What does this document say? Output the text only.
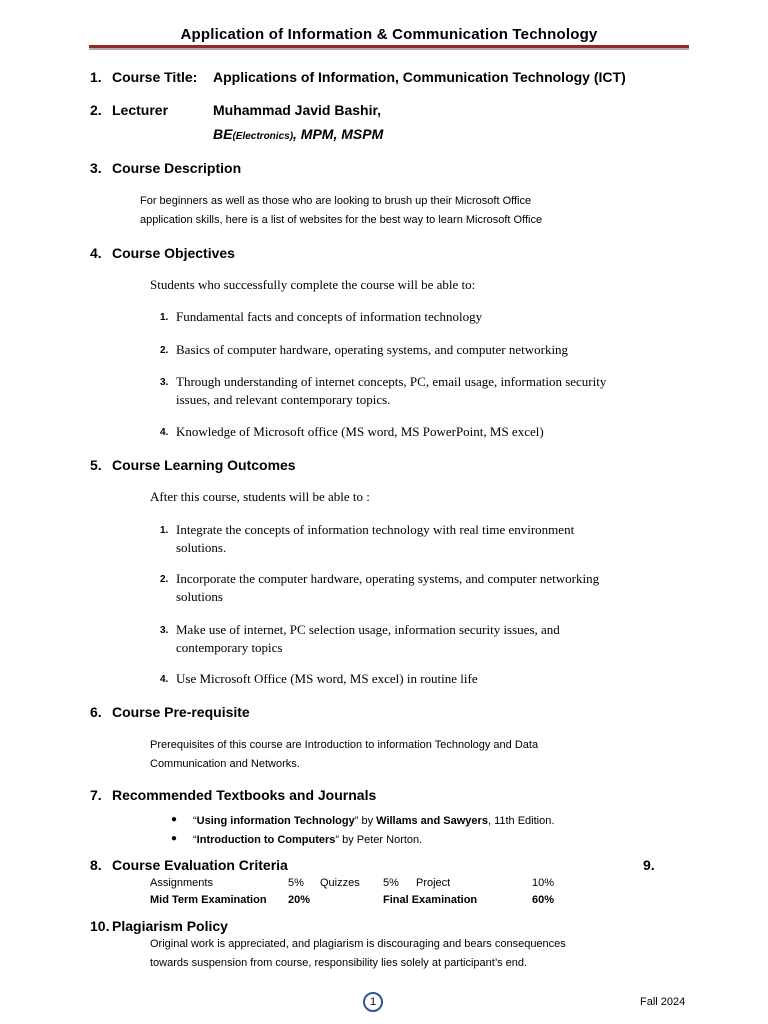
Application of Information & Communication Technology
1. Course Title: Applications of Information, Communication Technology (ICT)
2. Lecturer	Muhammad Javid Bashir,
BE(Electronics), MPM, MSPM
3. Course Description
For beginners as well as those who are looking to brush up their Microsoft Office
application skills, here is a list of websites for the best way to learn Microsoft Office
4. Course Objectives
Students who successfully complete the course will be able to:
1. Fundamental facts and concepts of information technology
2. Basics of computer hardware, operating systems, and computer networking
3. Through understanding of internet concepts, PC, email usage, information security
issues, and relevant contemporary topics.
4. Knowledge of Microsoft office (MS word, MS PowerPoint, MS excel)
5. Course Learning Outcomes
After this course, students will be able to :
1. Integrate the concepts of information technology with real time environment
solutions.
2. Incorporate the computer hardware, operating systems, and computer networking
solutions
3. Make use of internet, PC selection usage, information security issues, and
contemporary topics
4. Use Microsoft Office (MS word, MS excel) in routine life
6. Course Pre-requisite
Prerequisites of this course are Introduction to information Technology and Data
Communication and Networks.
7. Recommended Textbooks and Journals
● “Using information Technology” by Willams and Sawyers, 11th Edition.
● “Introduction to Computers” by Peter Norton.
8. Course Evaluation Criteria	9.
Assignments	5% Quizzes 5% Project	10%
Mid Term Examination 20%	Final Examination	60%
10. Plagiarism Policy
Original work is appreciated, and plagiarism is discouraging and bears consequences
towards suspension from course, responsibility lies solely at participant’s end.
1	Fall 2024
